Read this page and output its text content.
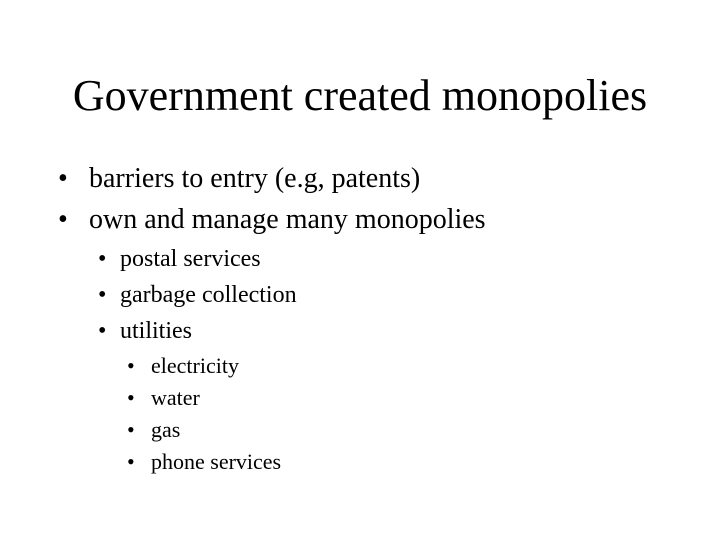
Government created monopolies
• barriers to entry (e.g, patents)
• own and manage many monopolies
• postal services
• garbage collection
• utilities
• electricity
• water
• gas
• phone services
